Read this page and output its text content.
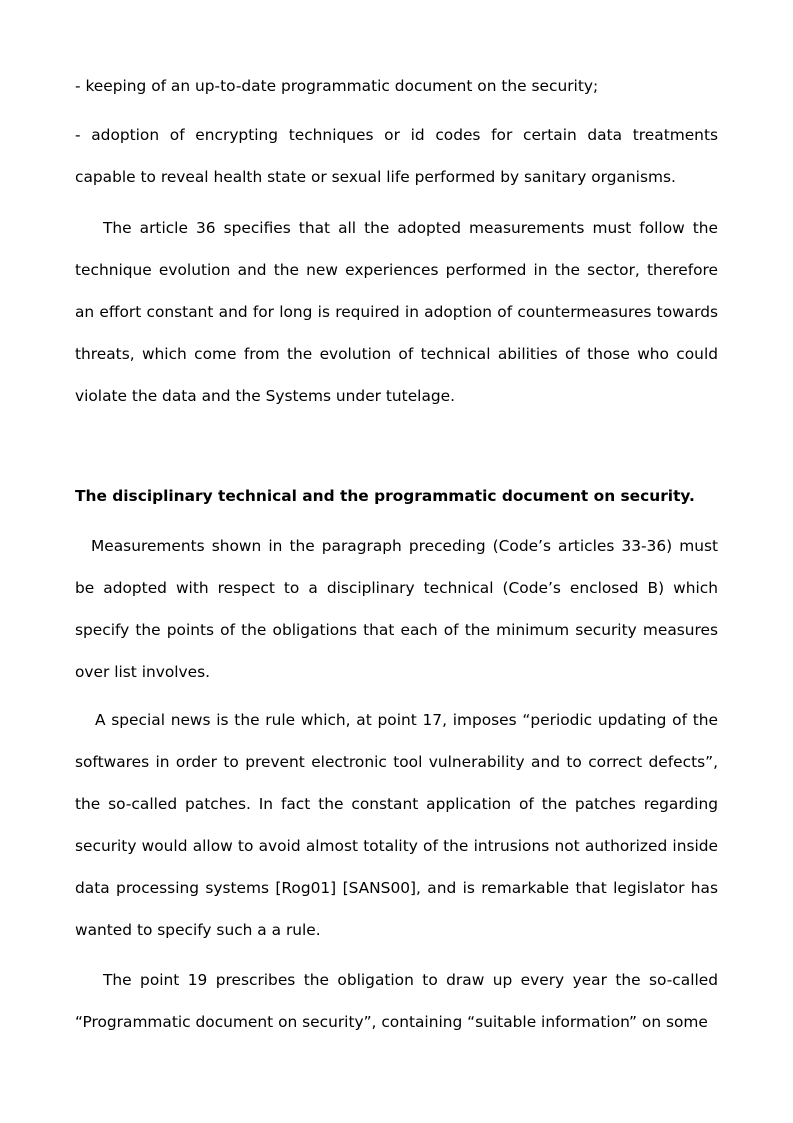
- keeping of an up-to-date programmatic document on the security;

- adoption of encrypting techniques or id codes for certain data treatments capable to reveal health state or sexual life performed by sanitary organisms.

The article 36 specifies that all the adopted measurements must follow the technique evolution and the new experiences performed in the sector, therefore an effort constant and for long is required in adoption of countermeasures towards threats, which come from the evolution of technical abilities of those who could violate the data and the Systems under tutelage.

The disciplinary technical and the programmatic document on security.

Measurements shown in the paragraph preceding (Code’s articles 33-36) must be adopted with respect to a disciplinary technical (Code’s enclosed B) which specify the points of the obligations that each of the minimum security measures over list involves.

A special news is the rule which, at point 17, imposes “periodic updating of the softwares in order to prevent electronic tool vulnerability and to correct defects”, the so-called patches. In fact the constant application of the patches regarding security would allow to avoid almost totality of the intrusions not authorized inside data processing systems [Rog01] [SANS00], and is remarkable that legislator has wanted to specify such a a rule.

The point 19 prescribes the obligation to draw up every year the so-called “Programmatic document on security”, containing “suitable information” on some
